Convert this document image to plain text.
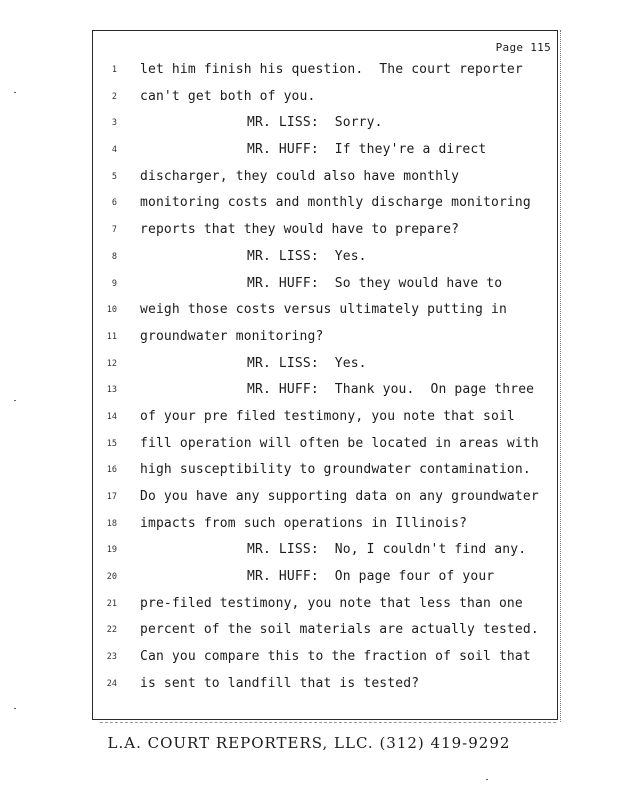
Page 115
1 let him finish his question.  The court reporter
2 can't get both of you.
3	MR. LISS:  Sorry.
4	MR. HUFF:  If they're a direct
5 discharger, they could also have monthly
6 monitoring costs and monthly discharge monitoring
7 reports that they would have to prepare?
8	MR. LISS:  Yes.
9	MR. HUFF:  So they would have to
10 weigh those costs versus ultimately putting in
11 groundwater monitoring?
12	MR. LISS:  Yes.
13	MR. HUFF:  Thank you.  On page three
14 of your pre filed testimony, you note that soil
15 fill operation will often be located in areas with
16 high susceptibility to groundwater contamination.
17 Do you have any supporting data on any groundwater
18 impacts from such operations in Illinois?
19	MR. LISS:  No, I couldn't find any.
20	MR. HUFF:  On page four of your
21 pre-filed testimony, you note that less than one
22 percent of the soil materials are actually tested.
23 Can you compare this to the fraction of soil that
24 is sent to landfill that is tested?
L.A. COURT REPORTERS, LLC. (312) 419-9292
